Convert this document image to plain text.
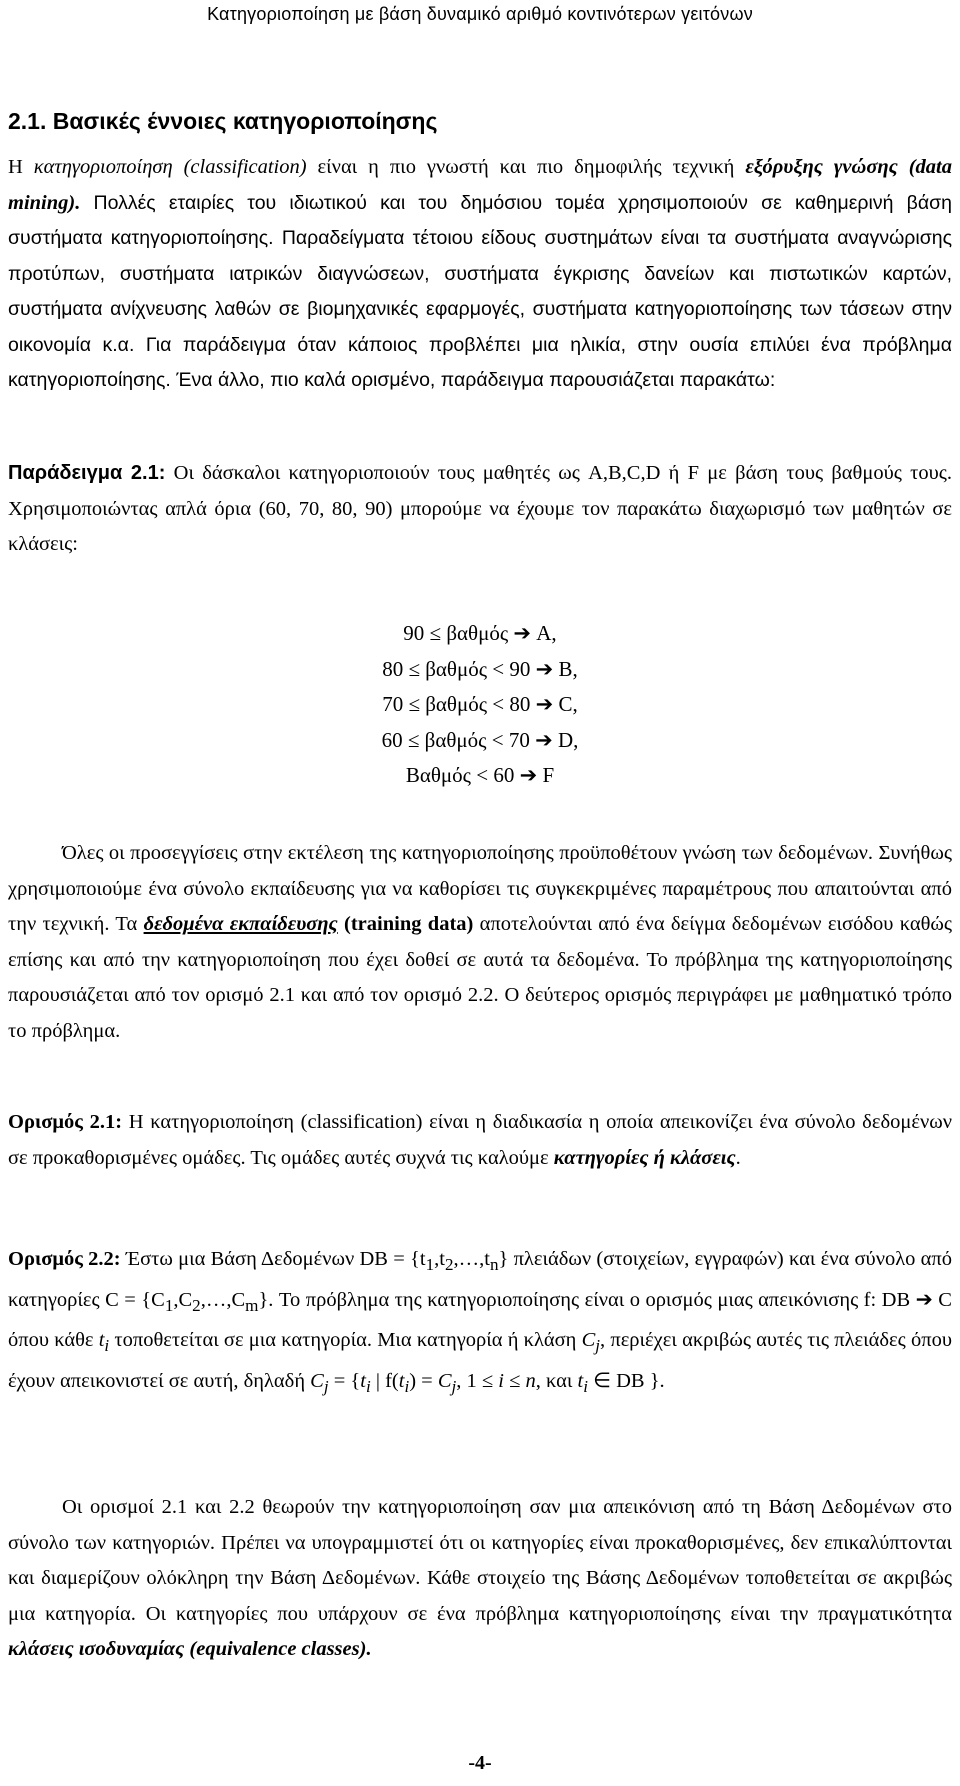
Κατηγοριοποίηση με βάση δυναμικό αριθμό κοντινότερων γειτόνων
2.1. Βασικές έννοιες κατηγοριοποίησης

Η κατηγοριοποίηση (classification) είναι η πιο γνωστή και πιο δημοφιλής τεχνική εξόρυξης γνώσης (data mining). Πολλές εταιρίες του ιδιωτικού και του δημόσιου τομέα χρησιμοποιούν σε καθημερινή βάση συστήματα κατηγοριοποίησης. Παραδείγματα τέτοιου είδους συστημάτων είναι τα συστήματα αναγνώρισης προτύπων, συστήματα ιατρικών διαγνώσεων, συστήματα έγκρισης δανείων και πιστωτικών καρτών, συστήματα ανίχνευσης λαθών σε βιομηχανικές εφαρμογές, συστήματα κατηγοριοποίησης των τάσεων στην οικονομία κ.α. Για παράδειγμα όταν κάποιος προβλέπει μια ηλικία, στην ουσία επιλύει ένα πρόβλημα κατηγοριοποίησης. Ένα άλλο, πιο καλά ορισμένο, παράδειγμα παρουσιάζεται παρακάτω:

Παράδειγμα 2.1: Οι δάσκαλοι κατηγοριοποιούν τους μαθητές ως A,B,C,D ή F με βάση τους βαθμούς τους. Χρησιμοποιώντας απλά όρια (60, 70, 80, 90) μπορούμε να έχουμε τον παρακάτω διαχωρισμό των μαθητών σε κλάσεις:

90 ≤ βαθμός ➔ A,
80 ≤ βαθμός < 90 ➔ B,
70 ≤ βαθμός < 80 ➔ C,
60 ≤ βαθμός < 70 ➔ D,
Βαθμός < 60 ➔ F

Όλες οι προσεγγίσεις στην εκτέλεση της κατηγοριοποίησης προϋποθέτουν γνώση των δεδομένων. Συνήθως χρησιμοποιούμε ένα σύνολο εκπαίδευσης για να καθορίσει τις συγκεκριμένες παραμέτρους που απαιτούνται από την τεχνική. Τα δεδομένα εκπαίδευσης (training data) αποτελούνται από ένα δείγμα δεδομένων εισόδου καθώς επίσης και από την κατηγοριοποίηση που έχει δοθεί σε αυτά τα δεδομένα. Το πρόβλημα της κατηγοριοποίησης παρουσιάζεται από τον ορισμό 2.1 και από τον ορισμό 2.2. Ο δεύτερος ορισμός περιγράφει με μαθηματικό τρόπο το πρόβλημα.

Ορισμός 2.1: Η κατηγοριοποίηση (classification) είναι η διαδικασία η οποία απεικονίζει ένα σύνολο δεδομένων σε προκαθορισμένες ομάδες. Τις ομάδες αυτές συχνά τις καλούμε κατηγορίες ή κλάσεις.

Ορισμός 2.2: Έστω μια Βάση Δεδομένων DB = $\{t_1,t_2,\dots,t_n\}$ πλειάδων (στοιχείων, εγγραφών) και ένα σύνολο από κατηγορίες $C = \{C_1,C_2,\dots,C_m\}$. Το πρόβλημα της κατηγοριοποίησης είναι ο ορισμός μιας απεικόνισης f: DB ➔ C όπου κάθε $t_i$ τοποθετείται σε μια κατηγορία. Μια κατηγορία ή κλάση $C_j$, περιέχει ακριβώς αυτές τις πλειάδες όπου έχουν απεικονιστεί σε αυτή, δηλαδή $C_j = \{t_i$ | $f(t_i) = C_j$, 1 ≤ i ≤ n, και $t_i$ ∈ DB }.

Οι ορισμοί 2.1 και 2.2 θεωρούν την κατηγοριοποίηση σαν μια απεικόνιση από τη Βάση Δεδομένων στο σύνολο των κατηγοριών. Πρέπει να υπογραμμιστεί ότι οι κατηγορίες είναι προκαθορισμένες, δεν επικαλύπτονται και διαμερίζουν ολόκληρη την Βάση Δεδομένων. Κάθε στοιχείο της Βάσης Δεδομένων τοποθετείται σε ακριβώς μια κατηγορία. Οι κατηγορίες που υπάρχουν σε ένα πρόβλημα κατηγοριοποίησης είναι την πραγματικότητα κλάσεις ισοδυναμίας (equivalence classes).

-4-
